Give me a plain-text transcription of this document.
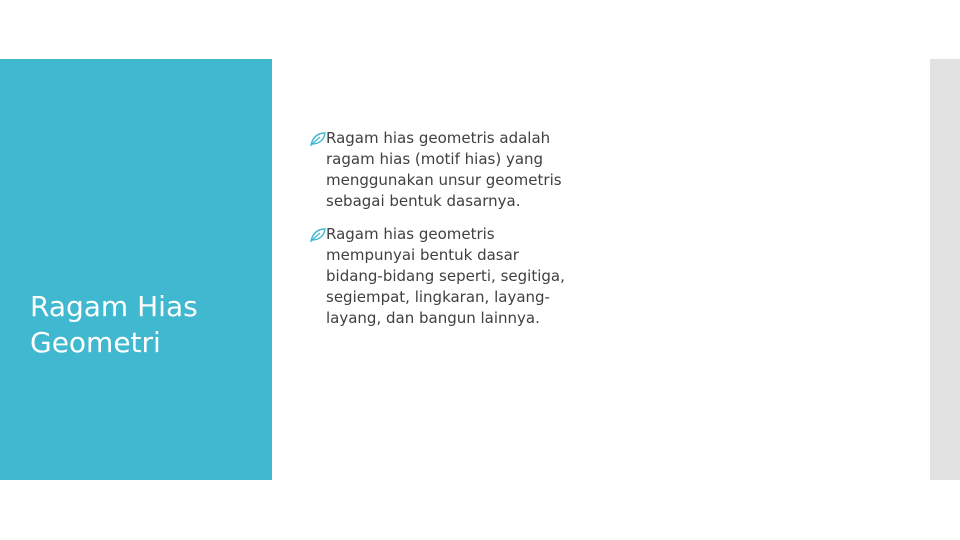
Ragam Hias Geometri
Ragam hias geometris adalah ragam hias (motif hias) yang menggunakan unsur geometris sebagai bentuk dasarnya.
Ragam hias geometris mempunyai bentuk dasar bidang-bidang seperti, segitiga, segiempat, lingkaran, layang-layang, dan bangun lainnya.
